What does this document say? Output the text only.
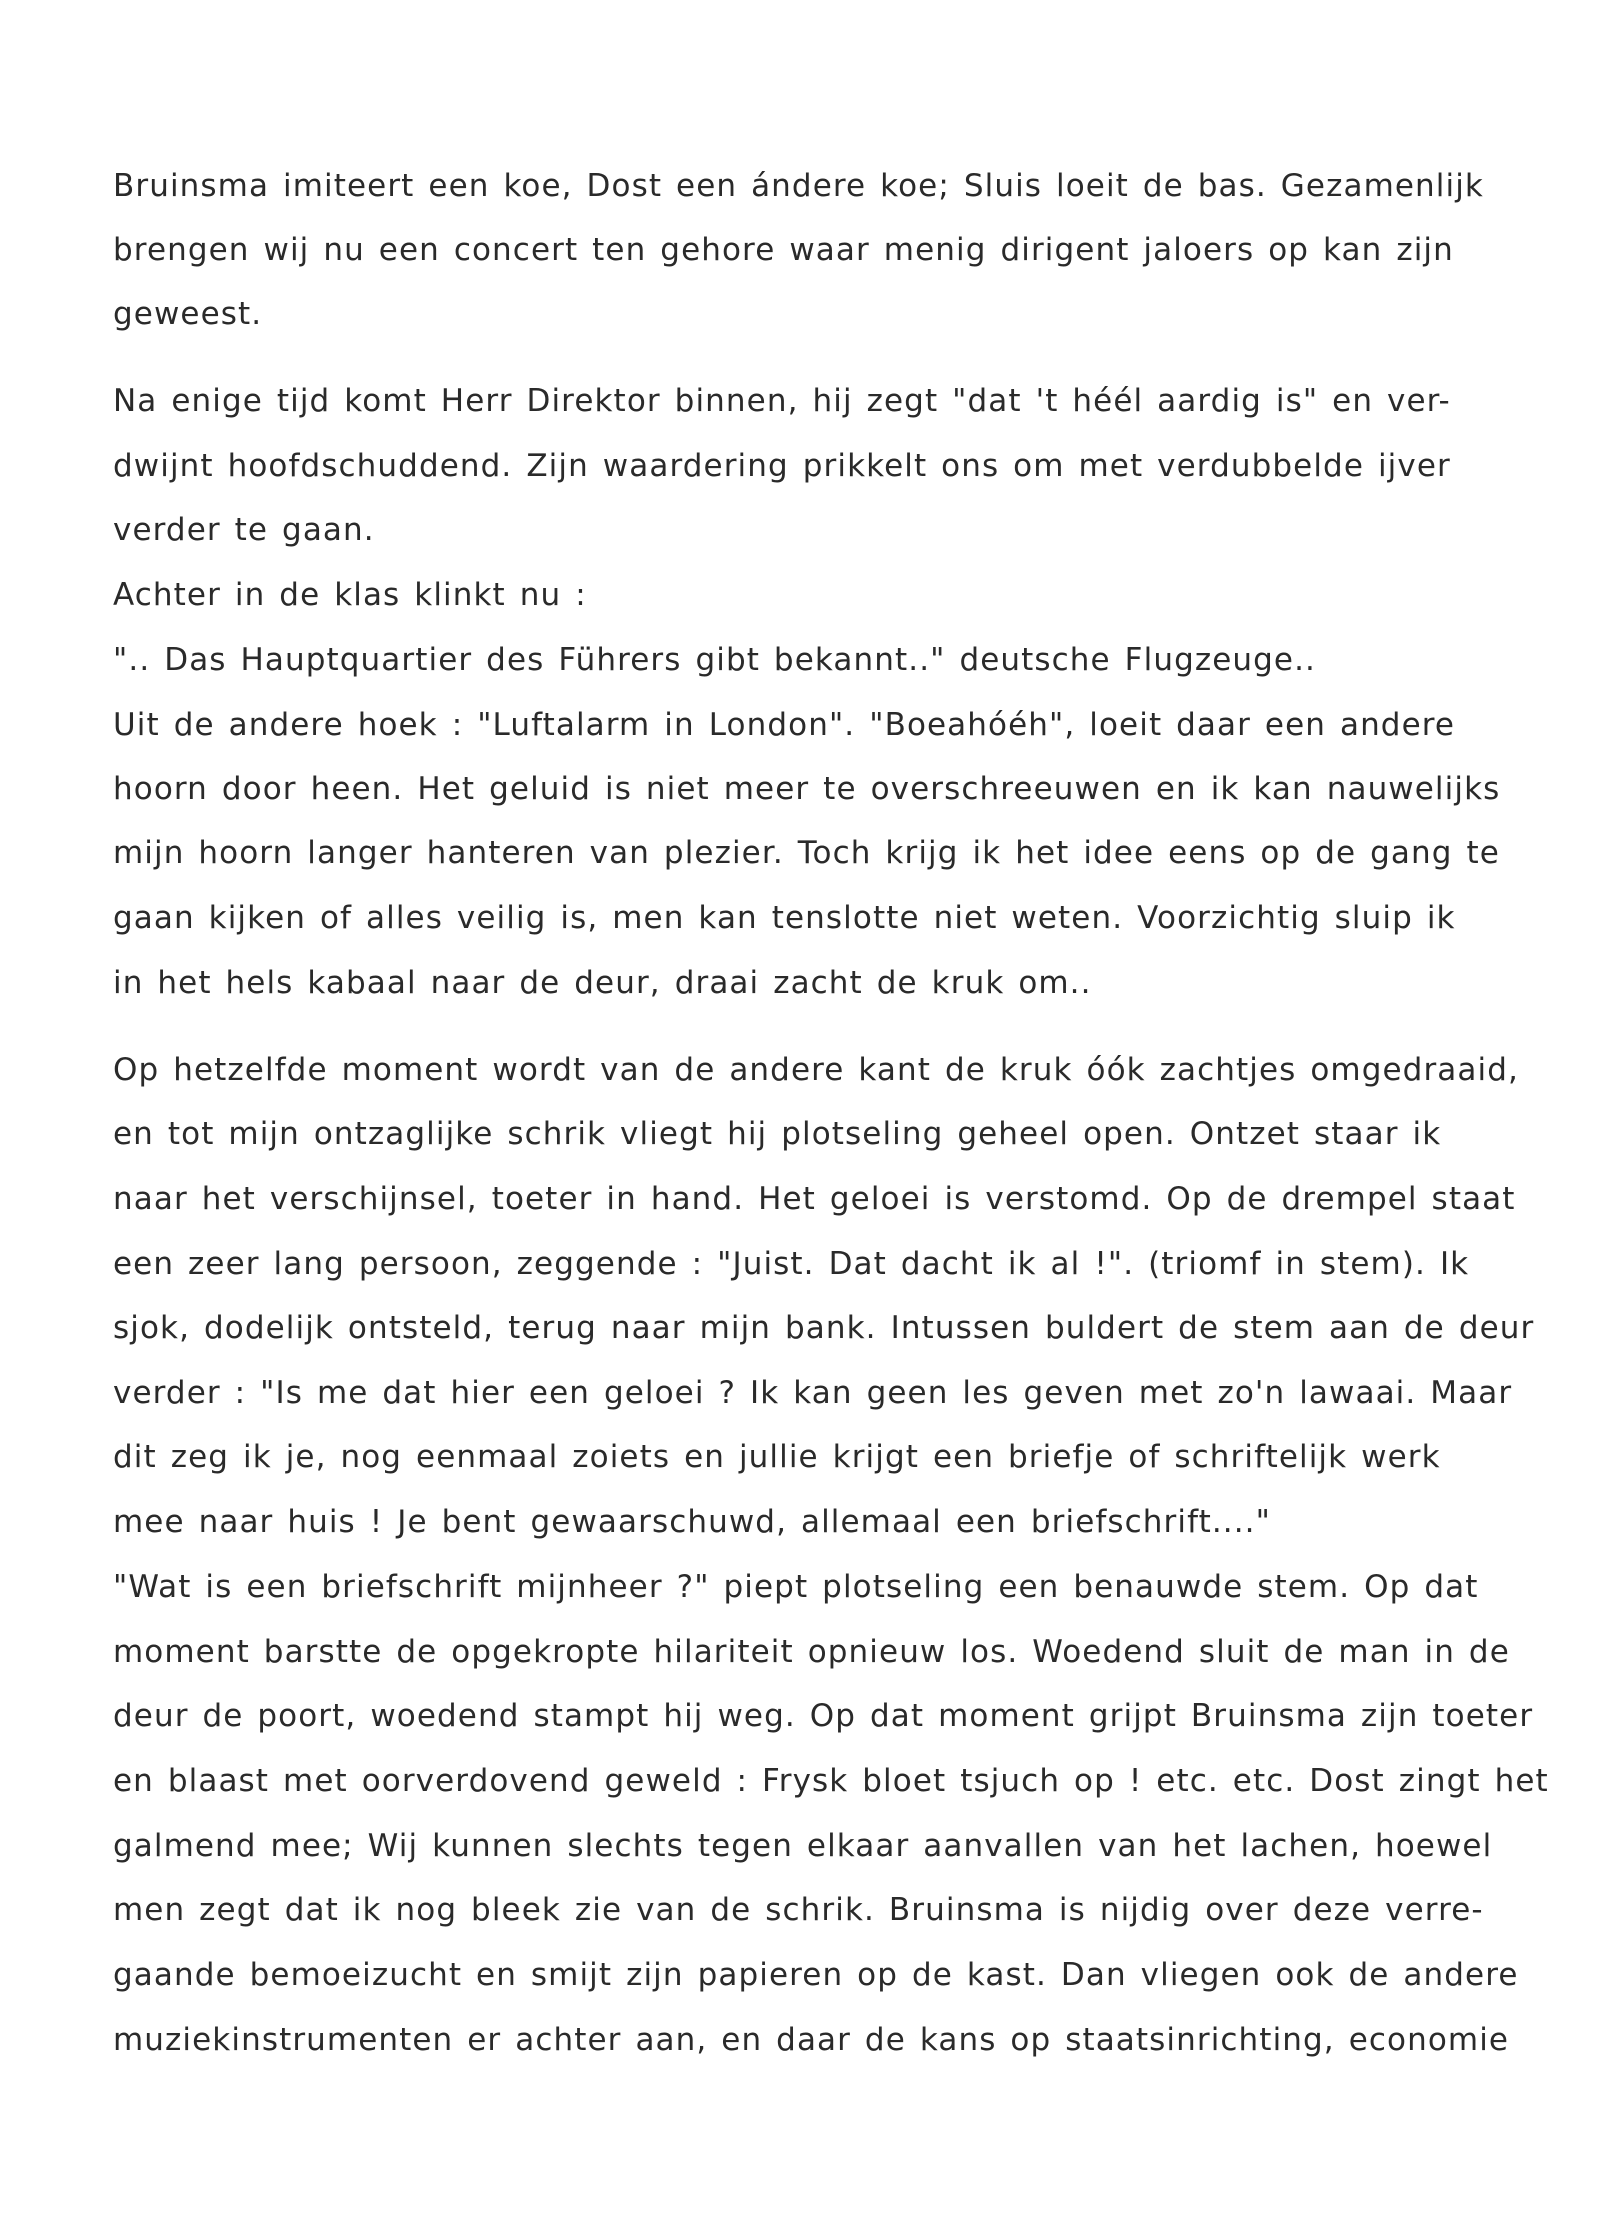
Bruinsma imiteert een koe, Dost een ándere koe; Sluis loeit de bas. Gezamenlijk

brengen wij nu een concert ten gehore waar menig dirigent jaloers op kan zijn

geweest.

Na enige tijd komt Herr Direktor binnen, hij zegt "dat 't héél aardig is" en ver-

dwijnt hoofdschuddend. Zijn waardering prikkelt ons om met verdubbelde ijver

verder te gaan.

Achter in de klas klinkt nu :

".. Das Hauptquartier des Führers gibt bekannt.." deutsche Flugzeuge..

Uit de andere hoek : "Luftalarm in London". "Boeahóéh", loeit daar een andere

hoorn door heen. Het geluid is niet meer te overschreeuwen en ik kan nauwelijks

mijn hoorn langer hanteren van plezier. Toch krijg ik het idee eens op de gang te

gaan kijken of alles veilig is, men kan tenslotte niet weten. Voorzichtig sluip ik

in het hels kabaal naar de deur, draai zacht de kruk om..

Op hetzelfde moment wordt van de andere kant de kruk óók zachtjes omgedraaid,

en tot mijn ontzaglijke schrik vliegt hij plotseling geheel open. Ontzet staar ik

naar het verschijnsel, toeter in hand. Het geloei is verstomd. Op de drempel staat

een zeer lang persoon, zeggende : "Juist. Dat dacht ik al !". (triomf in stem). Ik

sjok, dodelijk ontsteld, terug naar mijn bank. Intussen buldert de stem aan de deur

verder : "Is me dat hier een geloei ? Ik kan geen les geven met zo'n lawaai. Maar

dit zeg ik je, nog eenmaal zoiets en jullie krijgt een briefje of schriftelijk werk

mee naar huis ! Je bent gewaarschuwd, allemaal een briefschrift...."

"Wat is een briefschrift mijnheer ?" piept plotseling een benauwde stem. Op dat

moment barstte de opgekropte hilariteit opnieuw los. Woedend sluit de man in de

deur de poort, woedend stampt hij weg. Op dat moment grijpt Bruinsma zijn toeter

en blaast met oorverdovend geweld : Frysk bloet tsjuch op ! etc. etc. Dost zingt het

galmend mee; Wij kunnen slechts tegen elkaar aanvallen van het lachen, hoewel

men zegt dat ik nog bleek zie van de schrik. Bruinsma is nijdig over deze verre-

gaande bemoeizucht en smijt zijn papieren op de kast. Dan vliegen ook de andere

muziekinstrumenten er achter aan, en daar de kans op staatsinrichting, economie
